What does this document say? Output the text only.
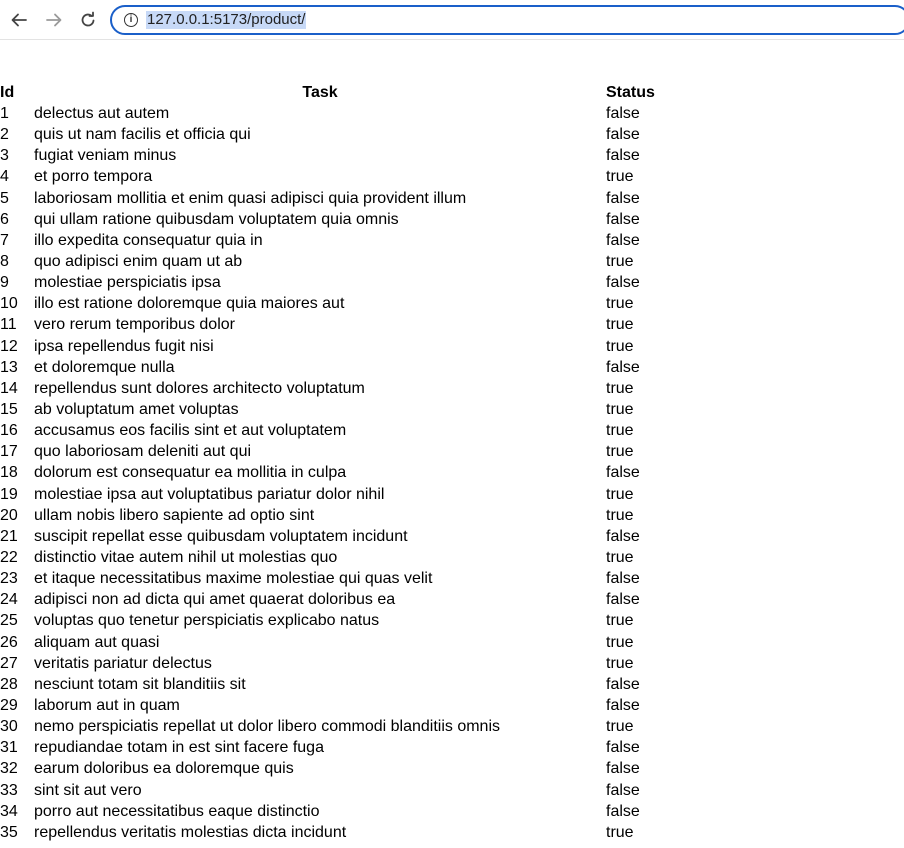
i 127.0.0.1:5173/product/
Id	Task	Status
1	delectus aut autem	false
2	quis ut nam facilis et officia qui	false
3	fugiat veniam minus	false
4	et porro tempora	true
5	laboriosam mollitia et enim quasi adipisci quia provident illum	false
6	qui ullam ratione quibusdam voluptatem quia omnis	false
7	illo expedita consequatur quia in	false
8	quo adipisci enim quam ut ab	true
9	molestiae perspiciatis ipsa	false
10	illo est ratione doloremque quia maiores aut	true
11	vero rerum temporibus dolor	true
12	ipsa repellendus fugit nisi	true
13	et doloremque nulla	false
14	repellendus sunt dolores architecto voluptatum	true
15	ab voluptatum amet voluptas	true
16	accusamus eos facilis sint et aut voluptatem	true
17	quo laboriosam deleniti aut qui	true
18	dolorum est consequatur ea mollitia in culpa	false
19	molestiae ipsa aut voluptatibus pariatur dolor nihil	true
20	ullam nobis libero sapiente ad optio sint	true
21	suscipit repellat esse quibusdam voluptatem incidunt	false
22	distinctio vitae autem nihil ut molestias quo	true
23	et itaque necessitatibus maxime molestiae qui quas velit	false
24	adipisci non ad dicta qui amet quaerat doloribus ea	false
25	voluptas quo tenetur perspiciatis explicabo natus	true
26	aliquam aut quasi	true
27	veritatis pariatur delectus	true
28	nesciunt totam sit blanditiis sit	false
29	laborum aut in quam	false
30	nemo perspiciatis repellat ut dolor libero commodi blanditiis omnis	true
31	repudiandae totam in est sint facere fuga	false
32	earum doloribus ea doloremque quis	false
33	sint sit aut vero	false
34	porro aut necessitatibus eaque distinctio	false
35	repellendus veritatis molestias dicta incidunt	true
